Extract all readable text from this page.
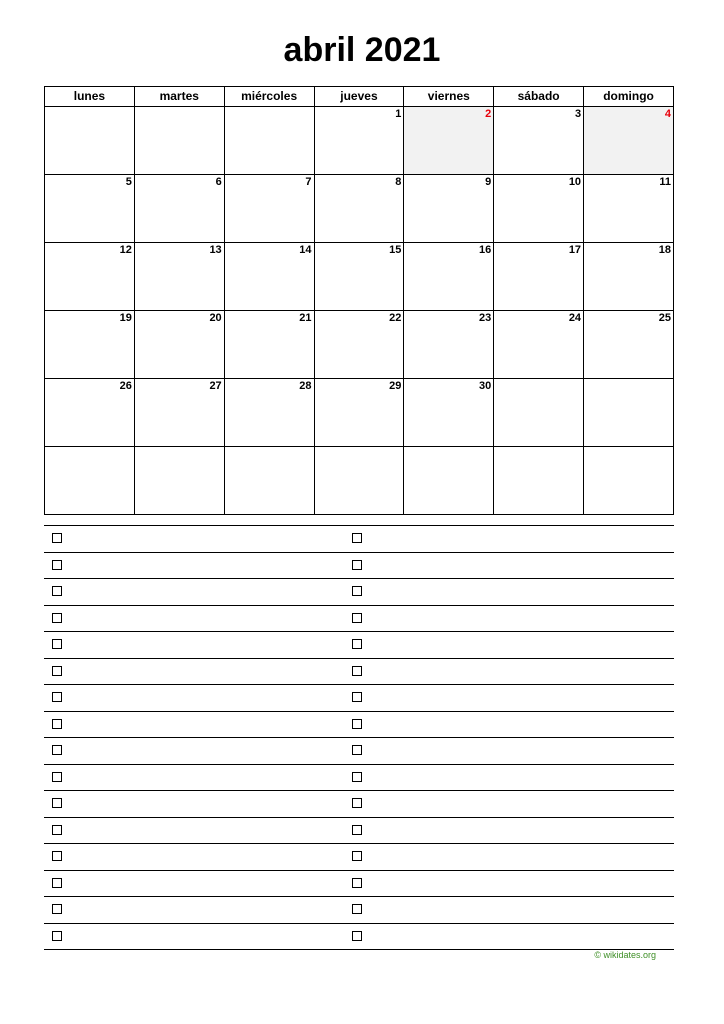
abril 2021
lunes	martes	miércoles	jueves	viernes	sábado	domingo

			1	2	3	4

5	6	7	8	9	10	11

12	13	14	15	16	17	18

19	20	21	22	23	24	25

26	27	28	29	30		

© wikidates.org
